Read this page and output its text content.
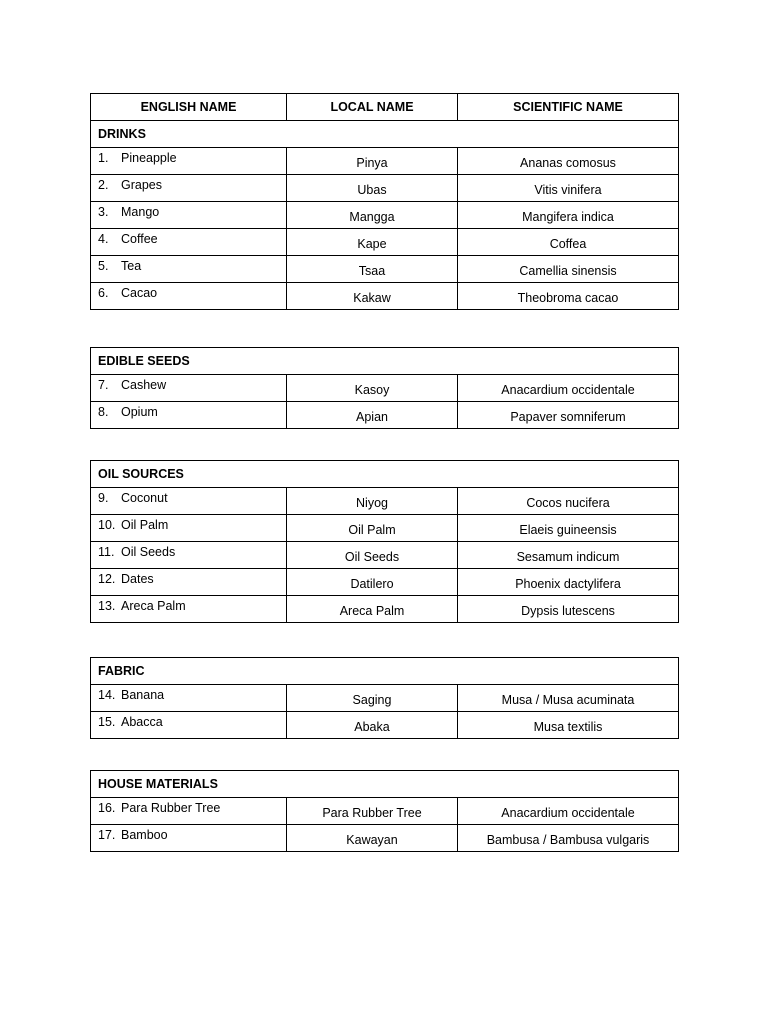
ENGLISH NAME	LOCAL NAME	SCIENTIFIC NAME
DRINKS		
1. Pineapple	Pinya	Ananas comosus
2. Grapes	Ubas	Vitis vinifera
3. Mango	Mangga	Mangifera indica
4. Coffee	Kape	Coffea
5. Tea	Tsaa	Camellia sinensis
6. Cacao	Kakaw	Theobroma cacao
EDIBLE SEEDS		
7. Cashew	Kasoy	Anacardium occidentale
8. Opium	Apian	Papaver somniferum
OIL SOURCES		
9. Coconut	Niyog	Cocos nucifera
10. Oil Palm	Oil Palm	Elaeis guineensis
11. Oil Seeds	Oil Seeds	Sesamum indicum
12. Dates	Datilero	Phoenix dactylifera
13. Areca Palm	Areca Palm	Dypsis lutescens
FABRIC		
14. Banana	Saging	Musa / Musa acuminata
15. Abacca	Abaka	Musa textilis
HOUSE MATERIALS		
16. Para Rubber Tree	Para Rubber Tree	Anacardium occidentale
17. Bamboo	Kawayan	Bambusa / Bambusa vulgaris
